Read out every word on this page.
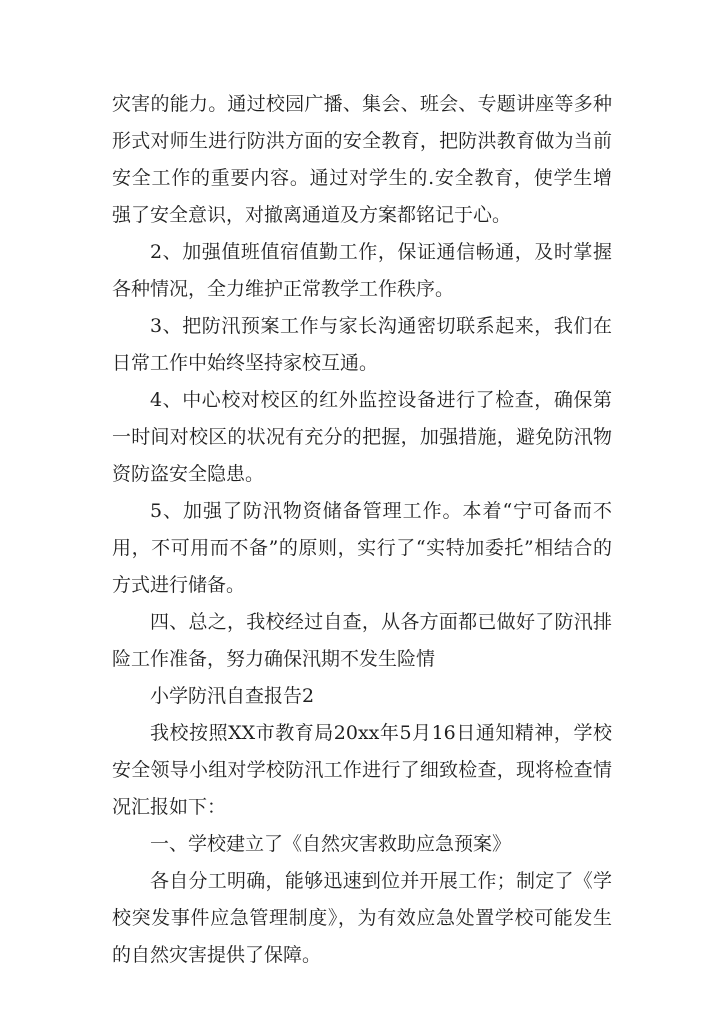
灾害的能力。通过校园广播、集会、班会、专题讲座等多种形式对师生进行防洪方面的安全教育，把防洪教育做为当前安全工作的重要内容。通过对学生的.安全教育，使学生增强了安全意识，对撤离通道及方案都铭记于心。

2、加强值班值宿值勤工作，保证通信畅通，及时掌握各种情况，全力维护正常教学工作秩序。

3、把防汛预案工作与家长沟通密切联系起来，我们在日常工作中始终坚持家校互通。

4、中心校对校区的红外监控设备进行了检查，确保第一时间对校区的状况有充分的把握，加强措施，避免防汛物资防盗安全隐患。

5、加强了防汛物资储备管理工作。本着“宁可备而不用，不可用而不备”的原则，实行了“实特加委托”相结合的方式进行储备。

四、总之，我校经过自查，从各方面都已做好了防汛排险工作准备，努力确保汛期不发生险情

小学防汛自查报告2

我校按照XX市教育局20xx年5月16日通知精神，学校安全领导小组对学校防汛工作进行了细致检查，现将检查情况汇报如下：

一、学校建立了《自然灾害救助应急预案》

各自分工明确，能够迅速到位并开展工作；制定了《学校突发事件应急管理制度》，为有效应急处置学校可能发生的自然灾害提供了保障。
